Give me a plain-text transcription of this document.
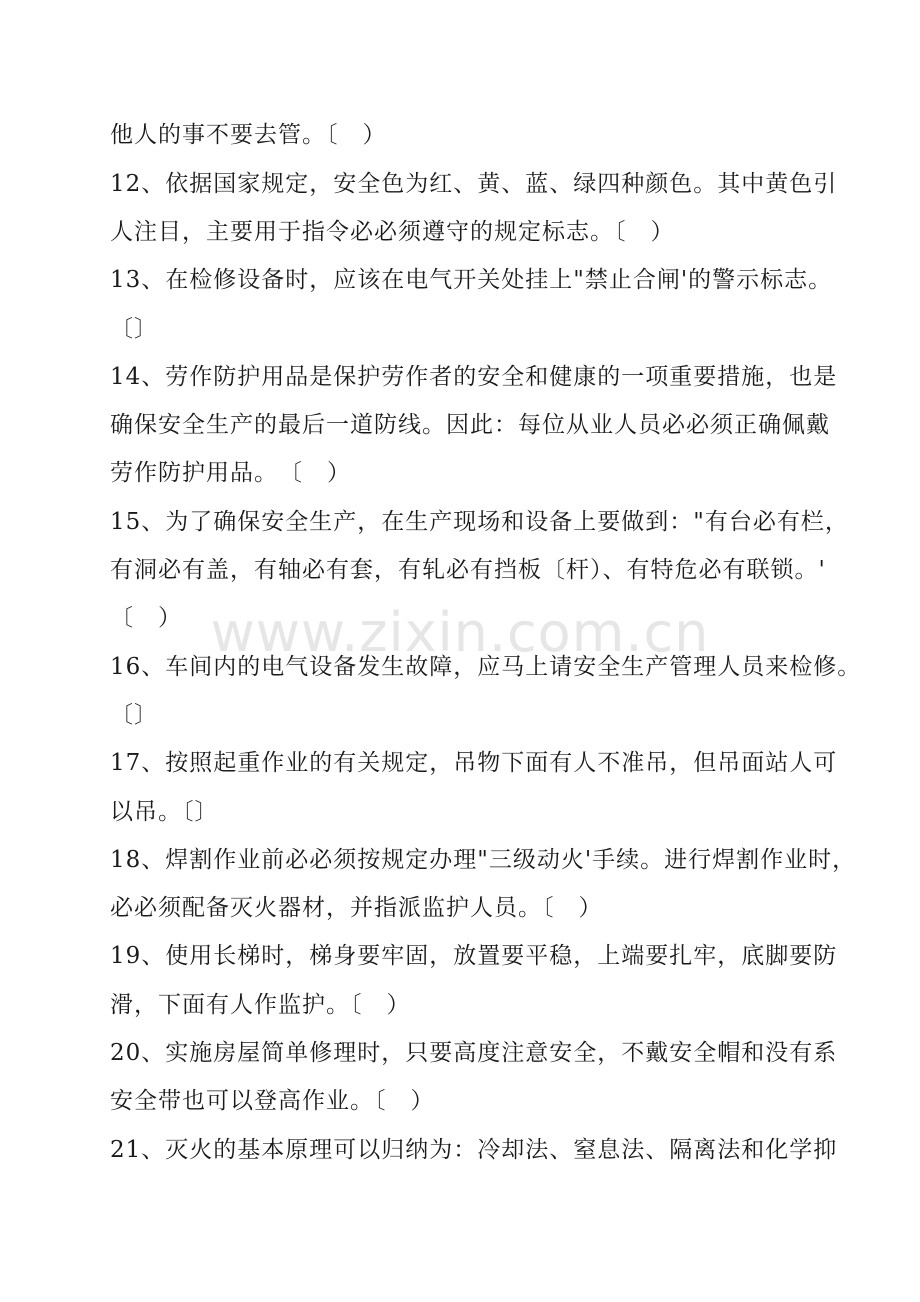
他人的事不要去管。〔　）
12、依据国家规定，安全色为红、黄、蓝、绿四种颜色。其中黄色引
人注目，主要用于指令必必须遵守的规定标志。〔　）
13、在检修设备时，应该在电气开关处挂上"禁止合闸'的警示标志。
〔〕
14、劳作防护用品是保护劳作者的安全和健康的一项重要措施，也是
确保安全生产的最后一道防线。因此：每位从业人员必必须正确佩戴
劳作防护用品。　〔　）
15、为了确保安全生产，在生产现场和设备上要做到："有台必有栏，
有洞必有盖，有轴必有套，有轧必有挡板〔杆）、有特危必有联锁。'
〔　）
16、车间内的电气设备发生故障，应马上请安全生产管理人员来检修。
〔〕
17、按照起重作业的有关规定，吊物下面有人不准吊，但吊面站人可
以吊。〔〕
18、焊割作业前必必须按规定办理"三级动火'手续。进行焊割作业时，
必必须配备灭火器材，并指派监护人员。〔　）
19、使用长梯时，梯身要牢固，放置要平稳，上端要扎牢，底脚要防
滑，下面有人作监护。〔　）
20、实施房屋简单修理时，只要高度注意安全，不戴安全帽和没有系
安全带也可以登高作业。〔　）
21、灭火的基本原理可以归纳为：冷却法、窒息法、隔离法和化学抑
www.zixin.com.cn
